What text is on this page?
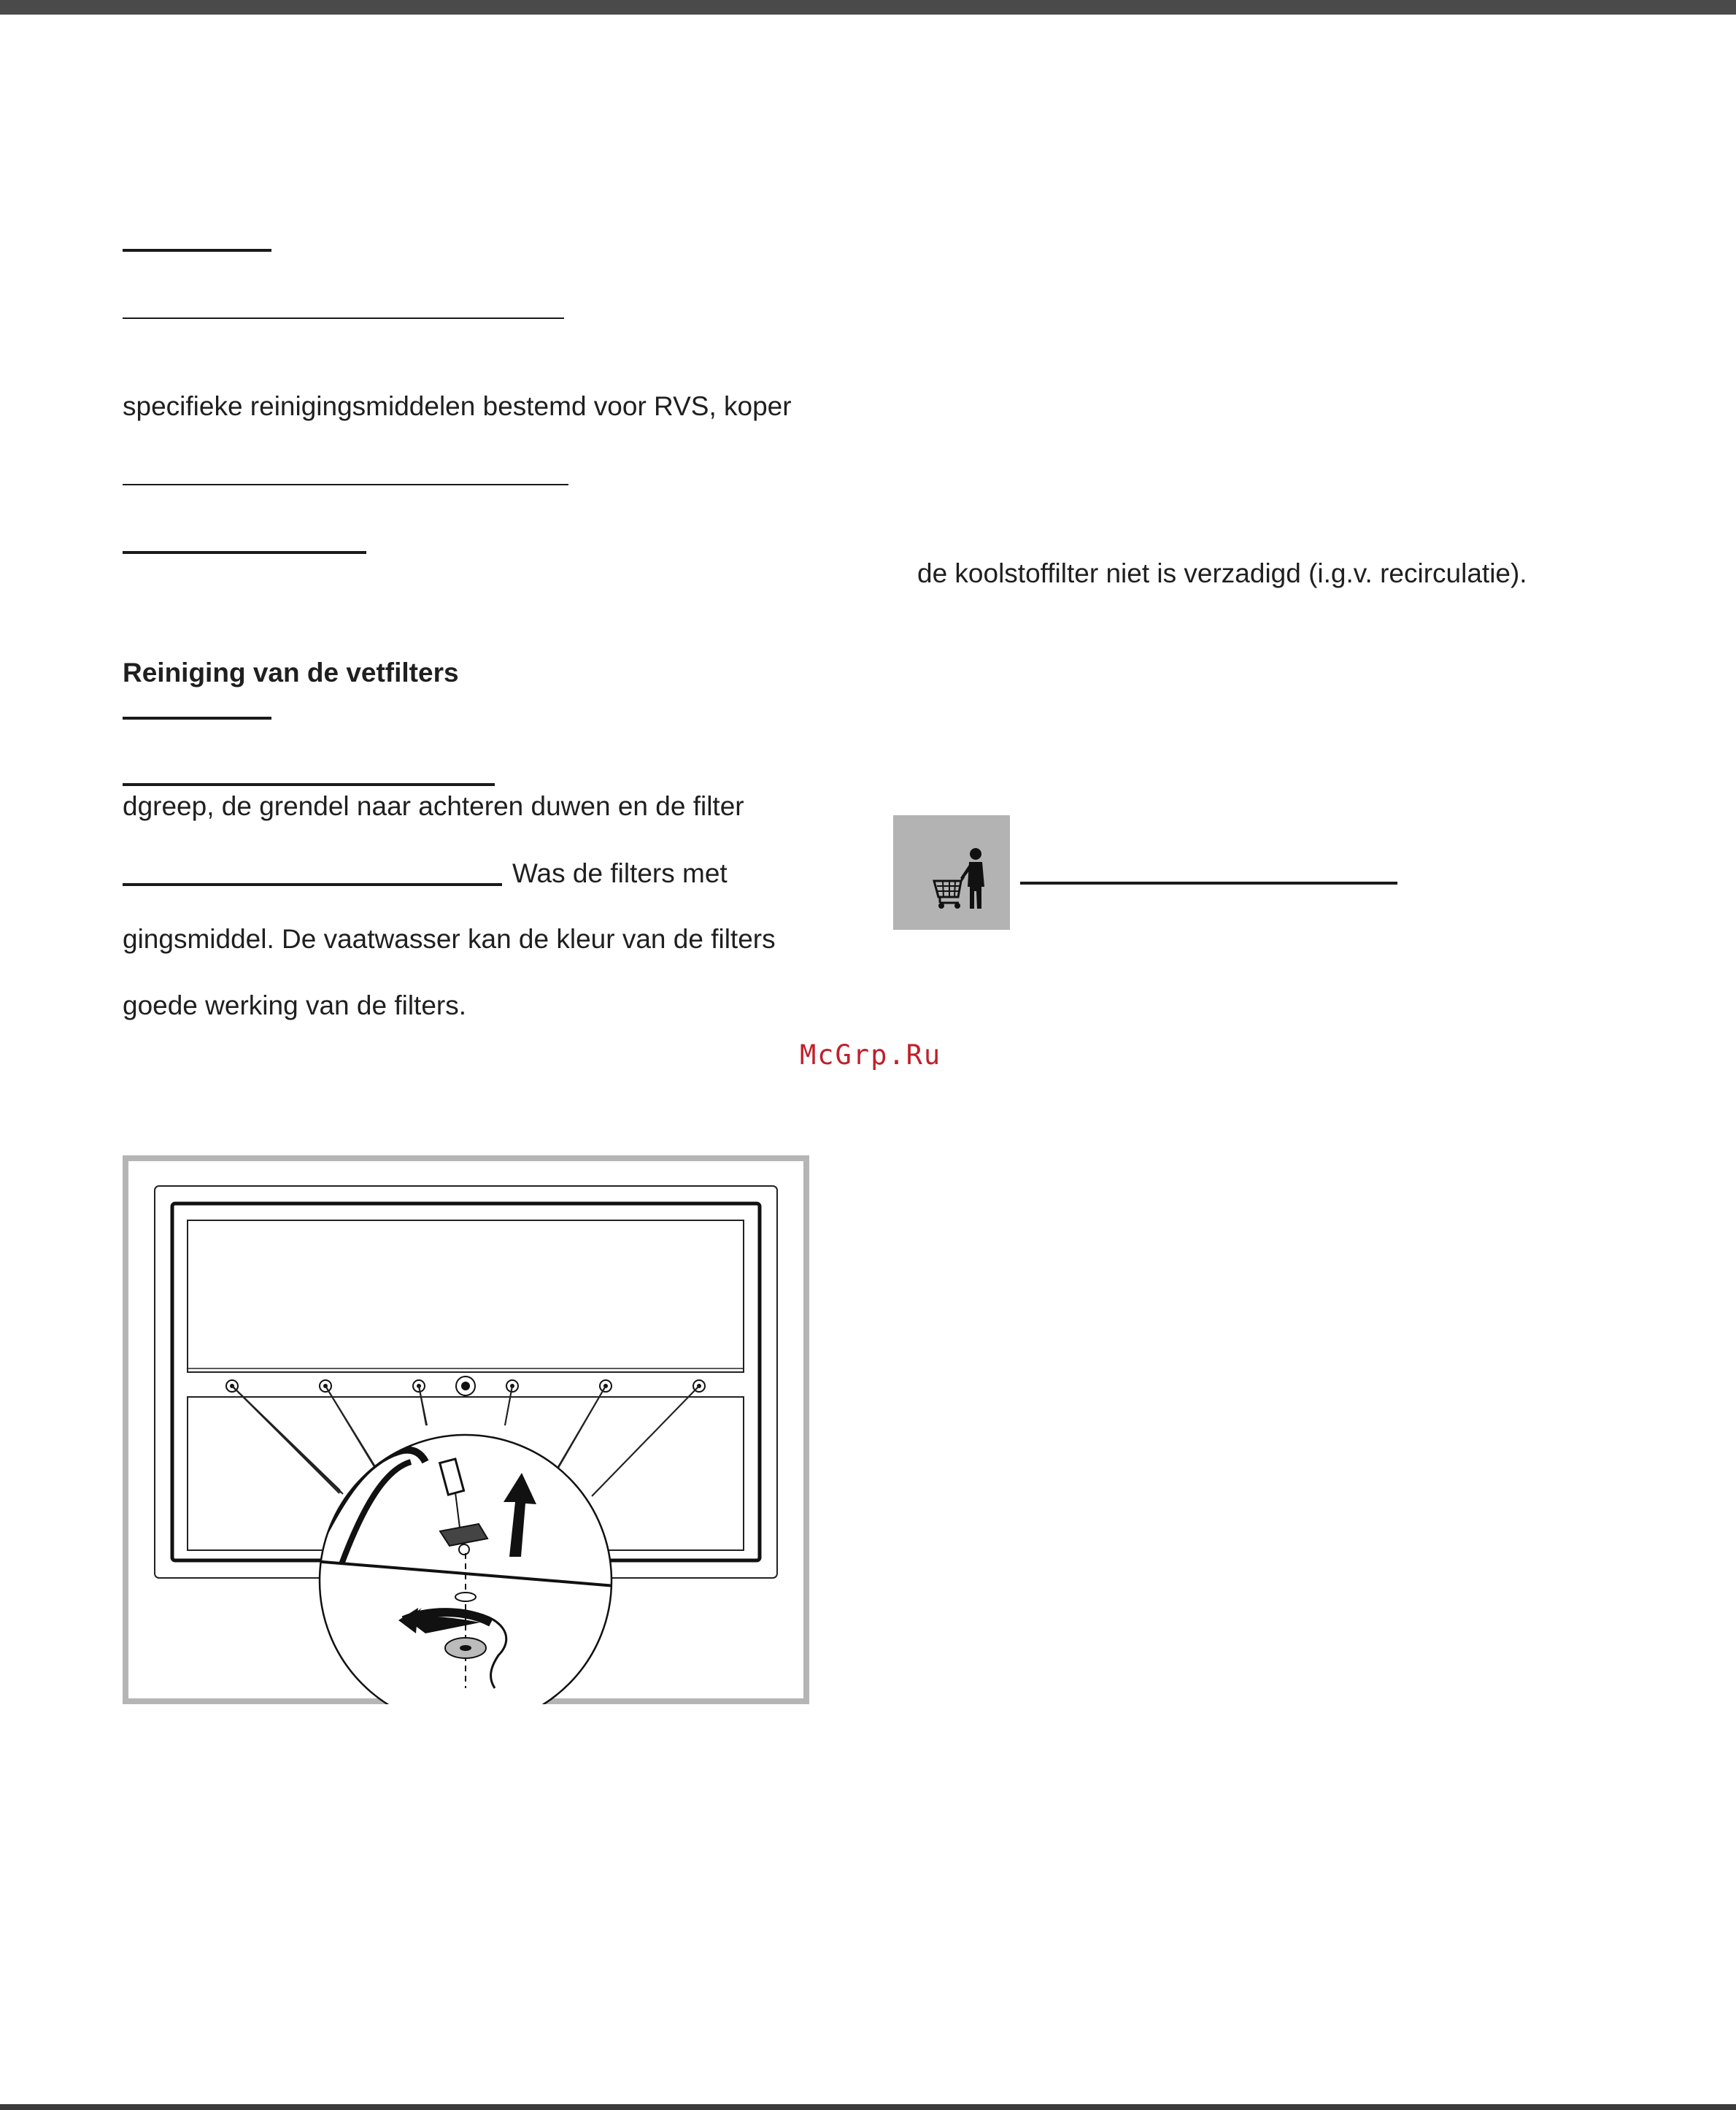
specifieke reinigingsmiddelen bestemd voor RVS, koper
Reiniging van de vetfilters
dgreep, de grendel naar achteren duwen en de filter
Was de filters met
gingsmiddel. De vaatwasser kan de kleur van de filters
goede werking van de filters.
de koolstoffilter niet is verzadigd (i.g.v. recirculatie).
McGrp.Ru
